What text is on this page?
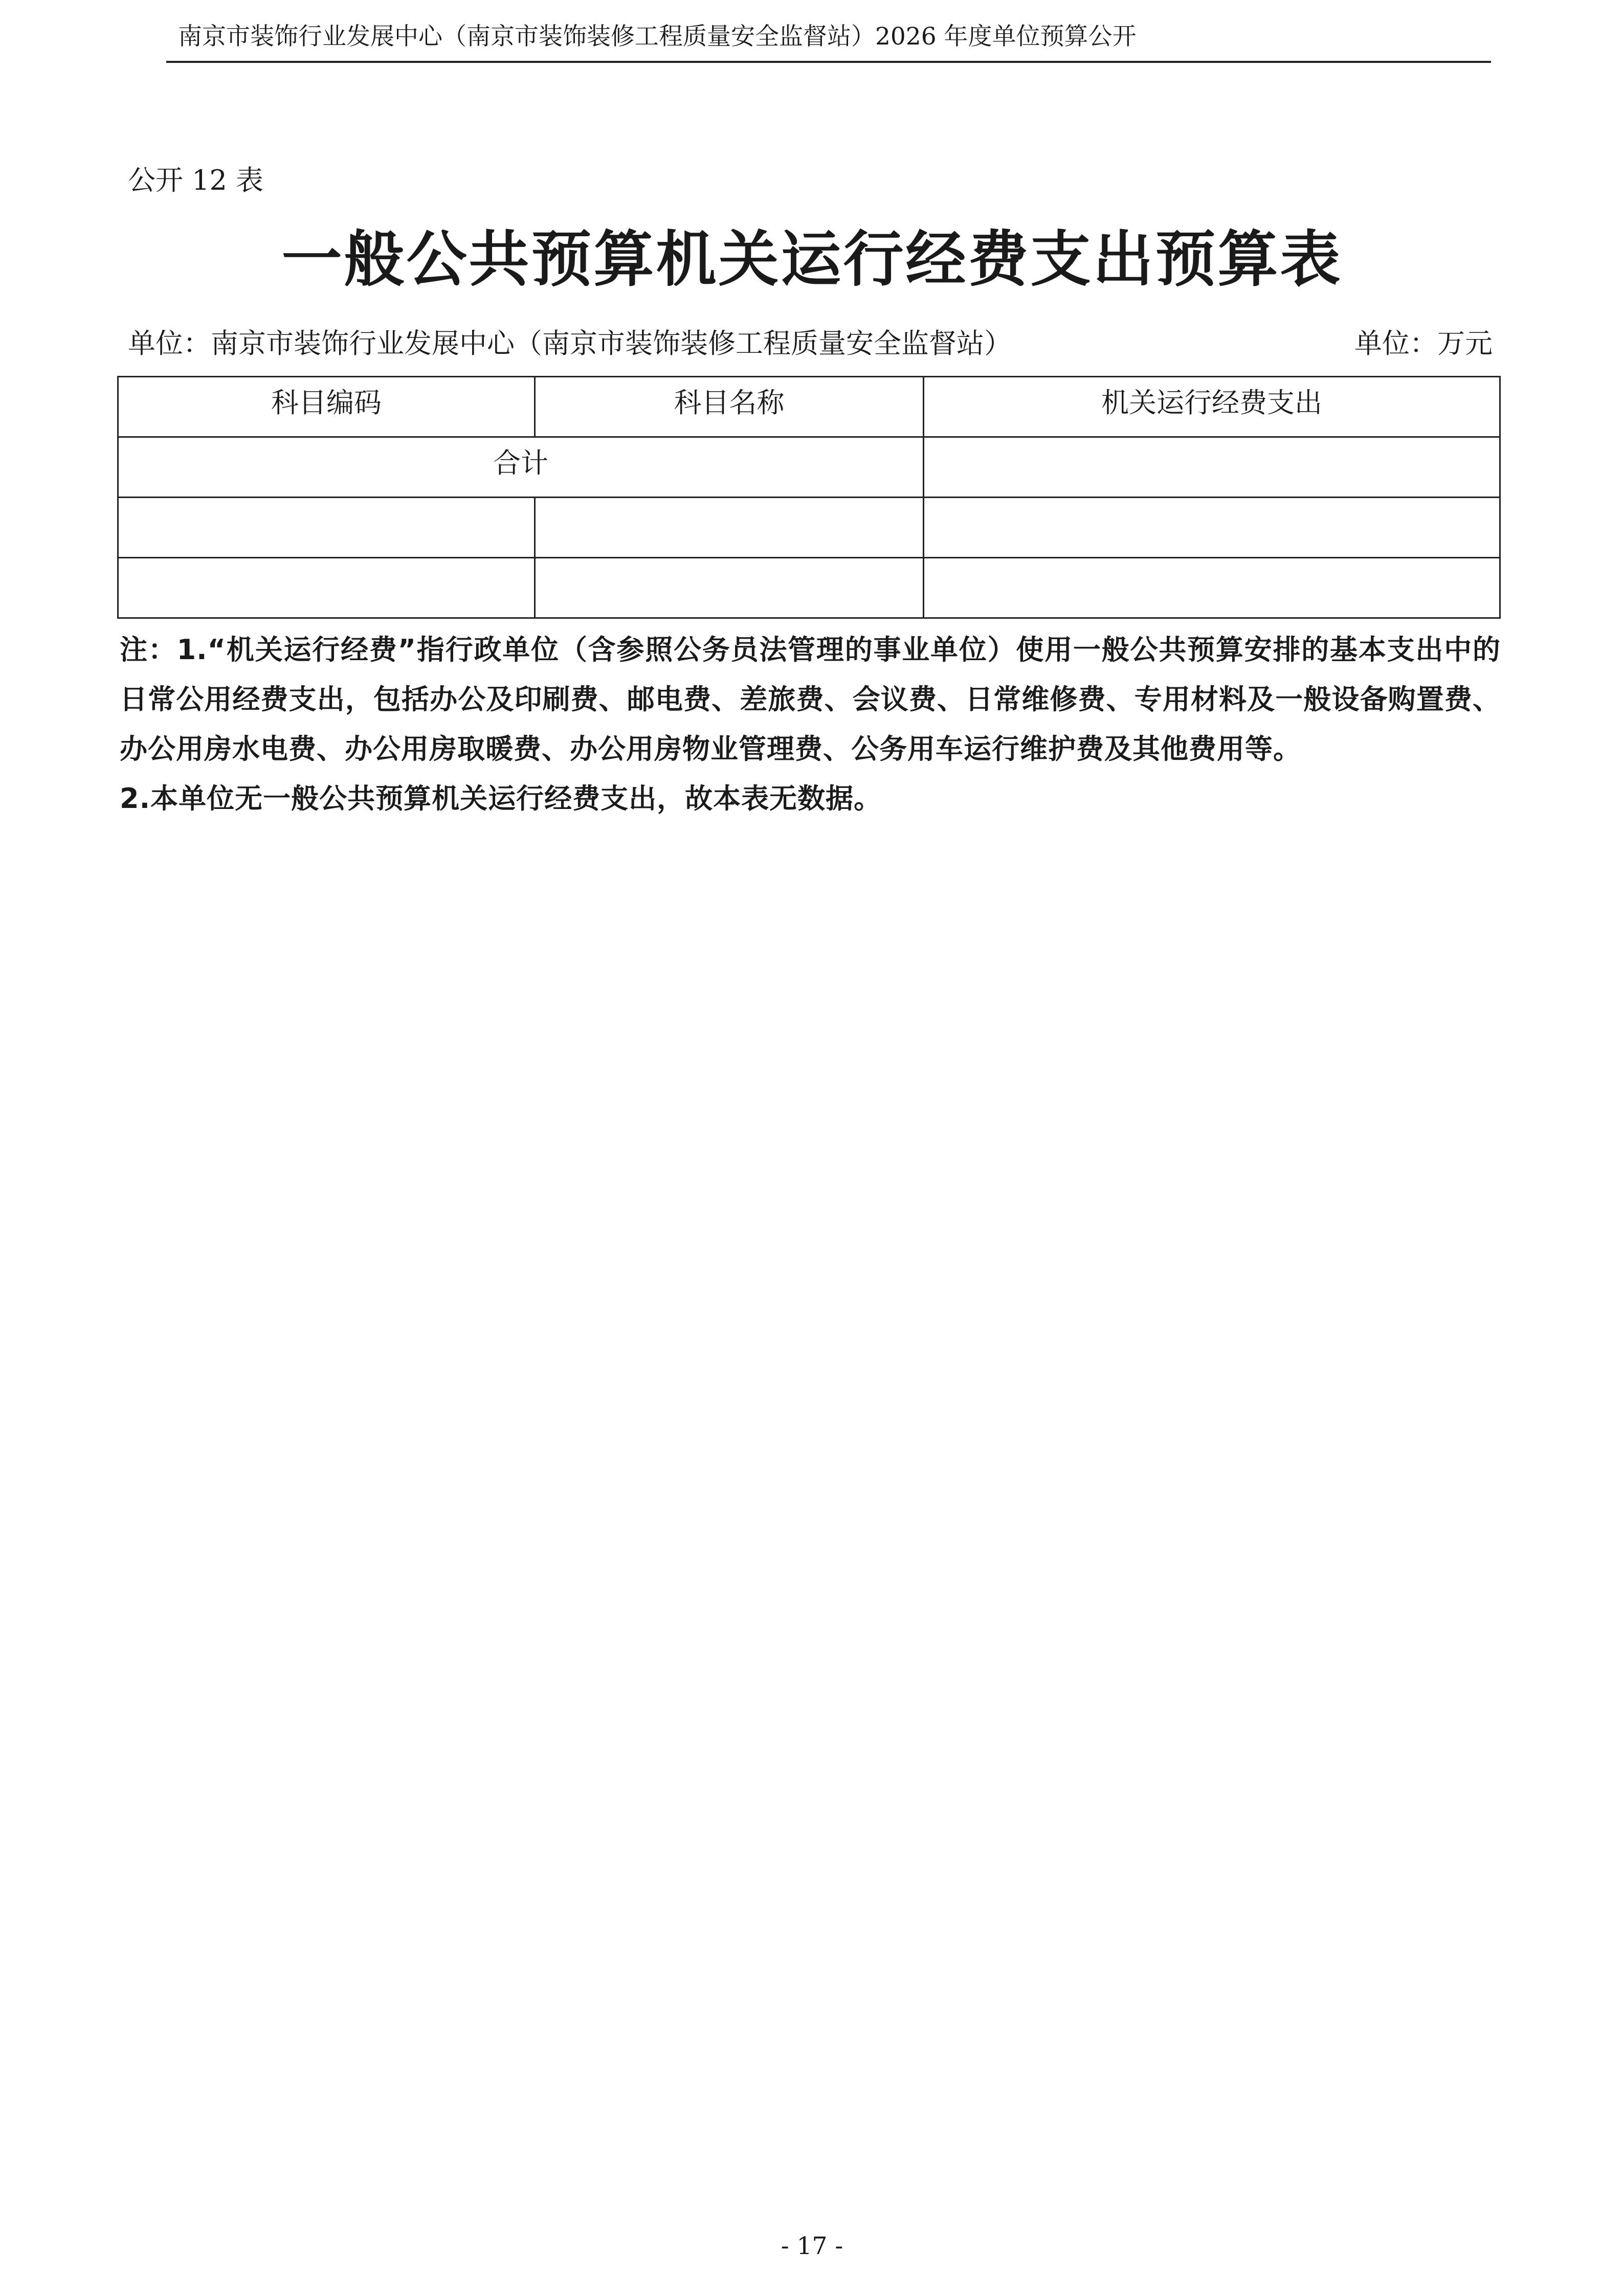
南京市装饰行业发展中心（南京市装饰装修工程质量安全监督站）2026 年度单位预算公开
公开 12 表
一般公共预算机关运行经费支出预算表
单位：南京市装饰行业发展中心（南京市装饰装修工程质量安全监督站）	单位：万元
科目编码	科目名称	机关运行经费支出
合计		

注：1.“机关运行经费”指行政单位（含参照公务员法管理的事业单位）使用一般公共预算安排的基本支出中的日常公用经费支出，包括办公及印刷费、邮电费、差旅费、会议费、日常维修费、专用材料及一般设备购置费、办公用房水电费、办公用房取暖费、办公用房物业管理费、公务用车运行维护费及其他费用等。

2.本单位无一般公共预算机关运行经费支出，故本表无数据。

- 17 -
